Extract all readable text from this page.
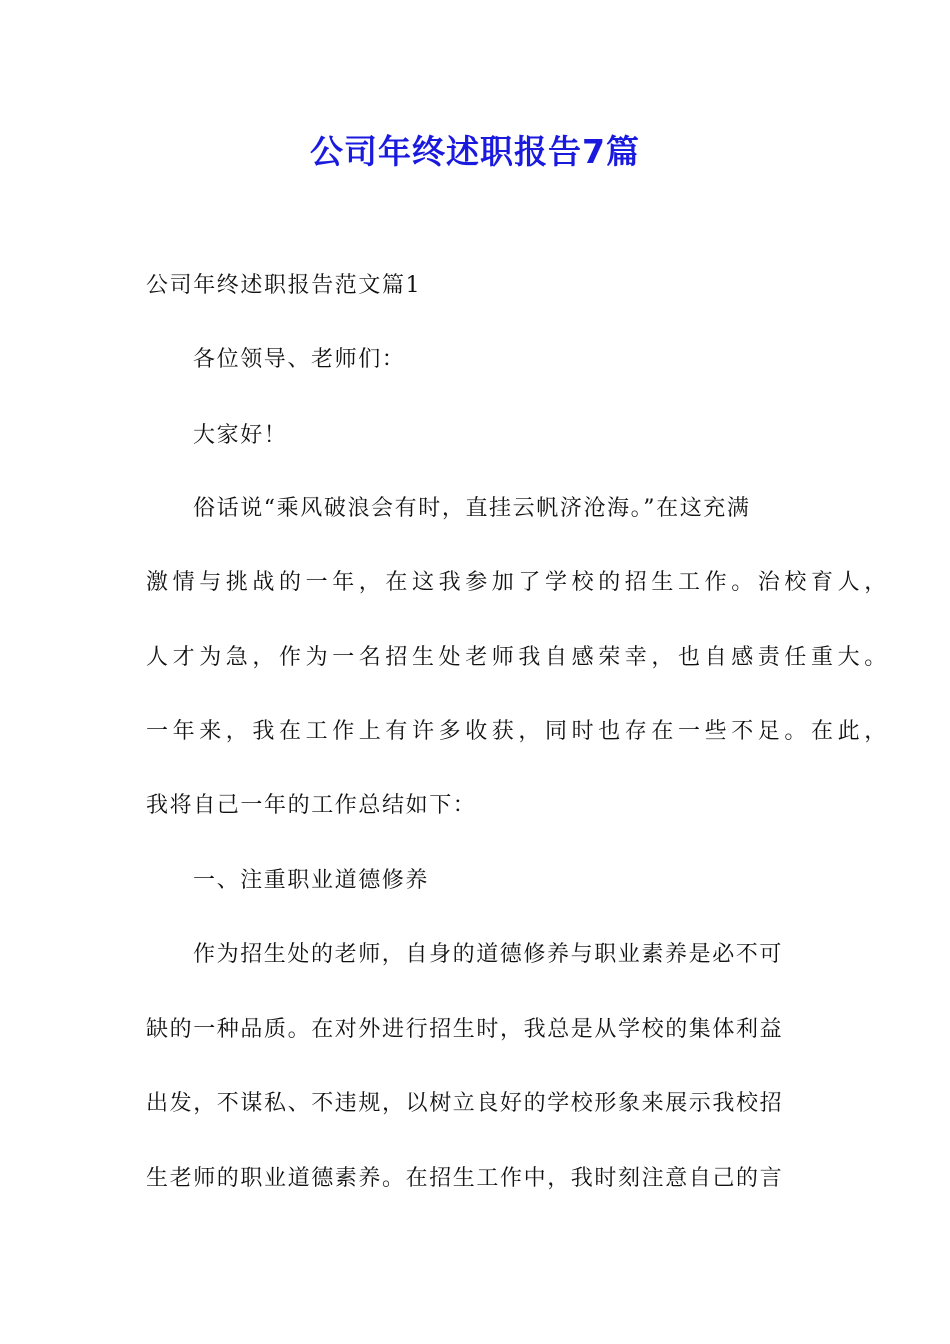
公司年终述职报告7篇
公司年终述职报告范文篇1
各位领导、老师们：
大家好！
俗话说“乘风破浪会有时，直挂云帆济沧海。”在这充满
激情与挑战的一年，在这我参加了学校的招生工作。治校育人，
人才为急，作为一名招生处老师我自感荣幸，也自感责任重大。
一年来，我在工作上有许多收获，同时也存在一些不足。在此，
我将自己一年的工作总结如下：
一、注重职业道德修养
作为招生处的老师，自身的道德修养与职业素养是必不可
缺的一种品质。在对外进行招生时，我总是从学校的集体利益
出发，不谋私、不违规，以树立良好的学校形象来展示我校招
生老师的职业道德素养。在招生工作中，我时刻注意自己的言
